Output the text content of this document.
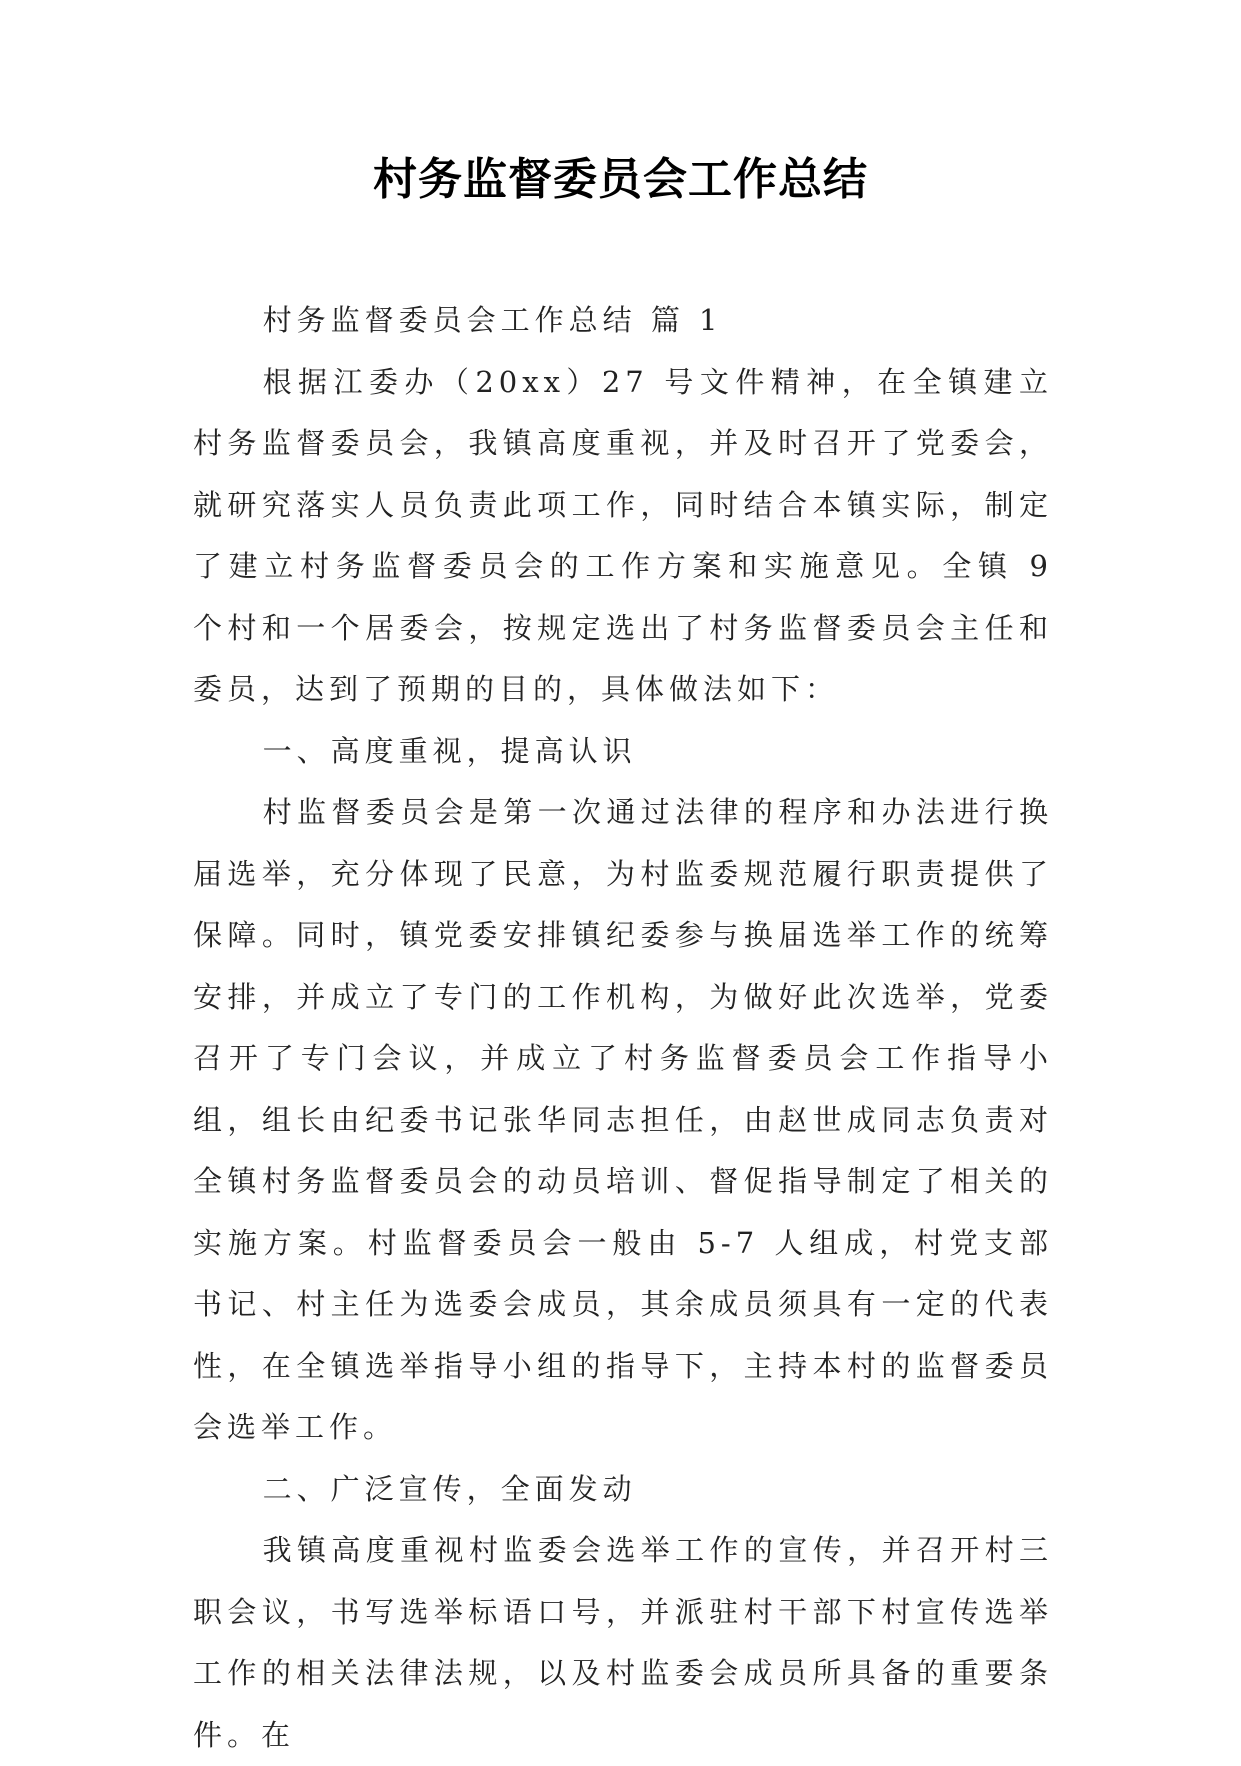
村务监督委员会工作总结

村务监督委员会工作总结 篇 1

根据江委办（20xx）27 号文件精神，在全镇建立村务监督委员会，我镇高度重视，并及时召开了党委会，就研究落实人员负责此项工作，同时结合本镇实际，制定了建立村务监督委员会的工作方案和实施意见。全镇 9 个村和一个居委会，按规定选出了村务监督委员会主任和委员，达到了预期的目的，具体做法如下：

一、高度重视，提高认识

村监督委员会是第一次通过法律的程序和办法进行换届选举，充分体现了民意，为村监委规范履行职责提供了保障。同时，镇党委安排镇纪委参与换届选举工作的统筹安排，并成立了专门的工作机构，为做好此次选举，党委召开了专门会议，并成立了村务监督委员会工作指导小组，组长由纪委书记张华同志担任，由赵世成同志负责对全镇村务监督委员会的动员培训、督促指导制定了相关的实施方案。村监督委员会一般由 5-7 人组成，村党支部书记、村主任为选委会成员，其余成员须具有一定的代表性，在全镇选举指导小组的指导下，主持本村的监督委员会选举工作。

二、广泛宣传，全面发动

我镇高度重视村监委会选举工作的宣传，并召开村三职会议，书写选举标语口号，并派驻村干部下村宣传选举工作的相关法律法规，以及村监委会成员所具备的重要条件。在
